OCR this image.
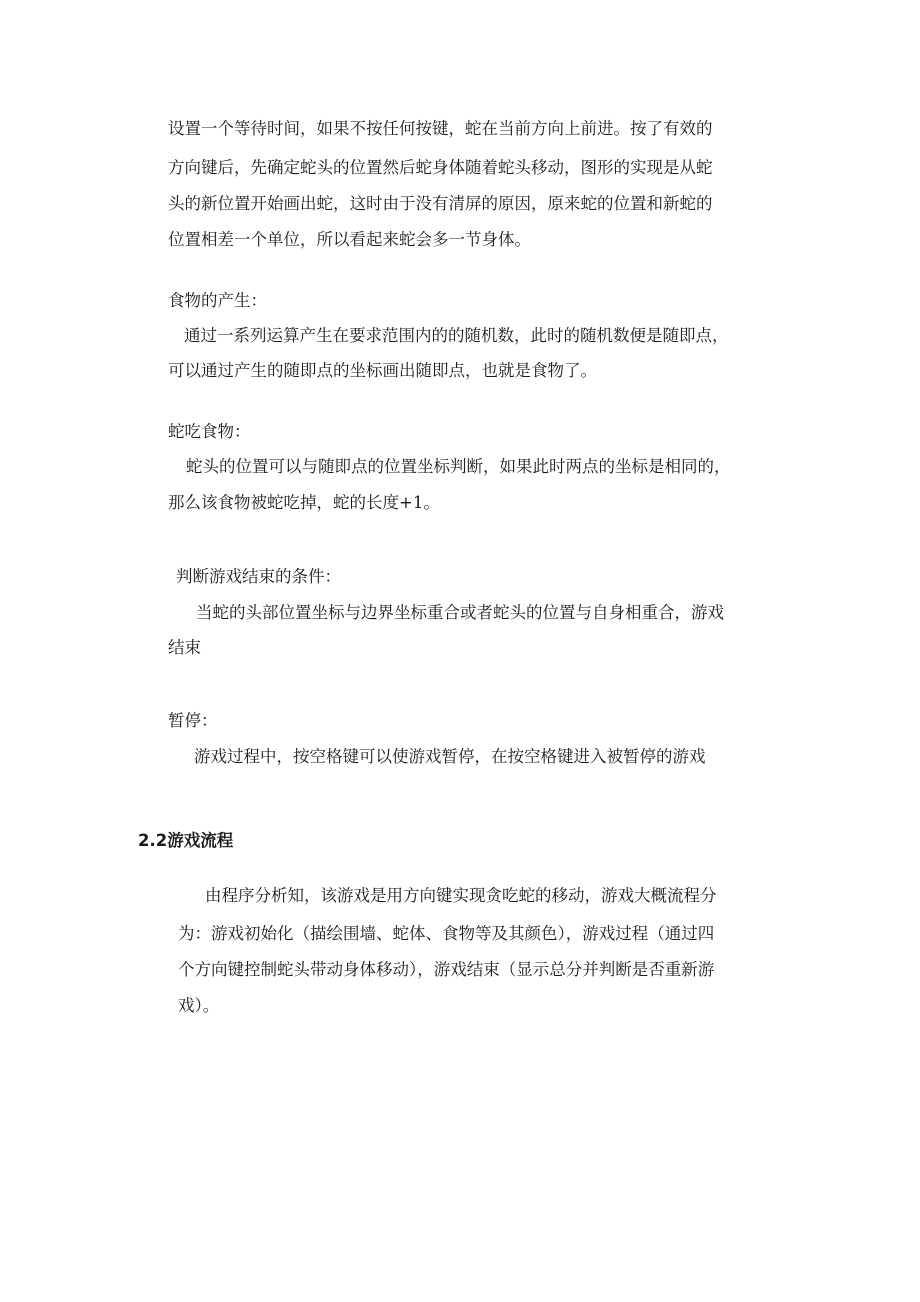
设置一个等待时间，如果不按任何按键，蛇在当前方向上前进。按了有效的
方向键后，先确定蛇头的位置然后蛇身体随着蛇头移动，图形的实现是从蛇
头的新位置开始画出蛇，这时由于没有清屏的原因，原来蛇的位置和新蛇的
位置相差一个单位，所以看起来蛇会多一节身体。
食物的产生：
通过一系列运算产生在要求范围内的的随机数，此时的随机数便是随即点，
可以通过产生的随即点的坐标画出随即点，也就是食物了。
蛇吃食物：
蛇头的位置可以与随即点的位置坐标判断，如果此时两点的坐标是相同的，
那么该食物被蛇吃掉，蛇的长度+1。
判断游戏结束的条件：
当蛇的头部位置坐标与边界坐标重合或者蛇头的位置与自身相重合，游戏
结束
暂停：
游戏过程中，按空格键可以使游戏暂停，在按空格键进入被暂停的游戏
2.2游戏流程
由程序分析知，该游戏是用方向键实现贪吃蛇的移动，游戏大概流程分
为：游戏初始化（描绘围墙、蛇体、食物等及其颜色），游戏过程（通过四
个方向键控制蛇头带动身体移动），游戏结束（显示总分并判断是否重新游
戏）。
